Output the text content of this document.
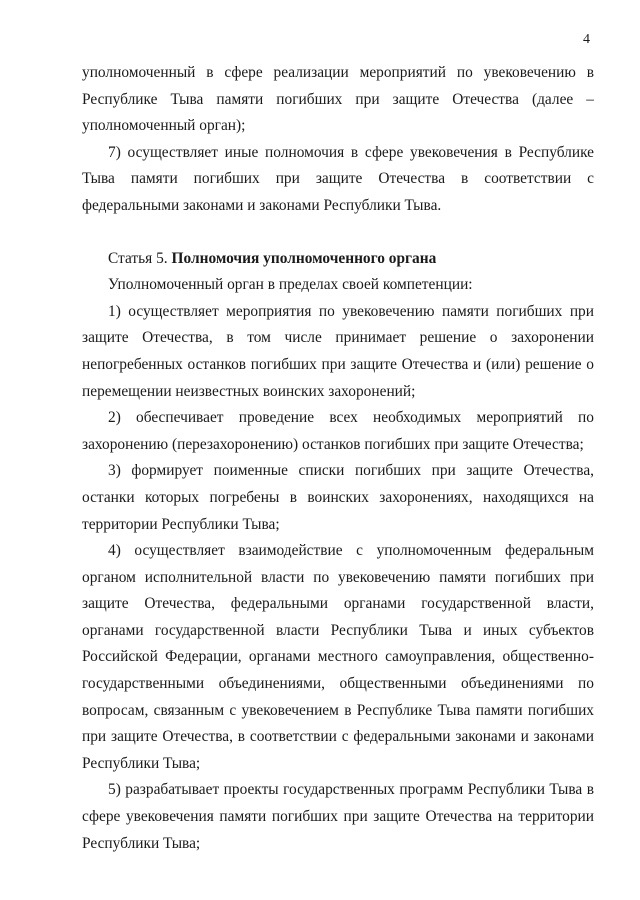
4

уполномоченный в сфере реализации мероприятий по увековечению в Республике Тыва памяти погибших при защите Отечества (далее – уполномоченный орган);

7) осуществляет иные полномочия в сфере увековечения в Республике Тыва памяти погибших при защите Отечества в соответствии с федеральными законами и законами Республики Тыва.

Статья 5. Полномочия уполномоченного органа

Уполномоченный орган в пределах своей компетенции:

1) осуществляет мероприятия по увековечению памяти погибших при защите Отечества, в том числе принимает решение о захоронении непогребенных останков погибших при защите Отечества и (или) решение о перемещении неизвестных воинских захоронений;

2) обеспечивает проведение всех необходимых мероприятий по захоронению (перезахоронению) останков погибших при защите Отечества;

3) формирует поименные списки погибших при защите Отечества, останки которых погребены в воинских захоронениях, находящихся на территории Республики Тыва;

4) осуществляет взаимодействие с уполномоченным федеральным органом исполнительной власти по увековечению памяти погибших при защите Отечества, федеральными органами государственной власти, органами государственной власти Республики Тыва и иных субъектов Российской Федерации, органами местного самоуправления, общественно-государственными объединениями, общественными объединениями по вопросам, связанным с увековечением в Республике Тыва памяти погибших при защите Отечества, в соответствии с федеральными законами и законами Республики Тыва;

5) разрабатывает проекты государственных программ Республики Тыва в сфере увековечения памяти погибших при защите Отечества на территории Республики Тыва;
